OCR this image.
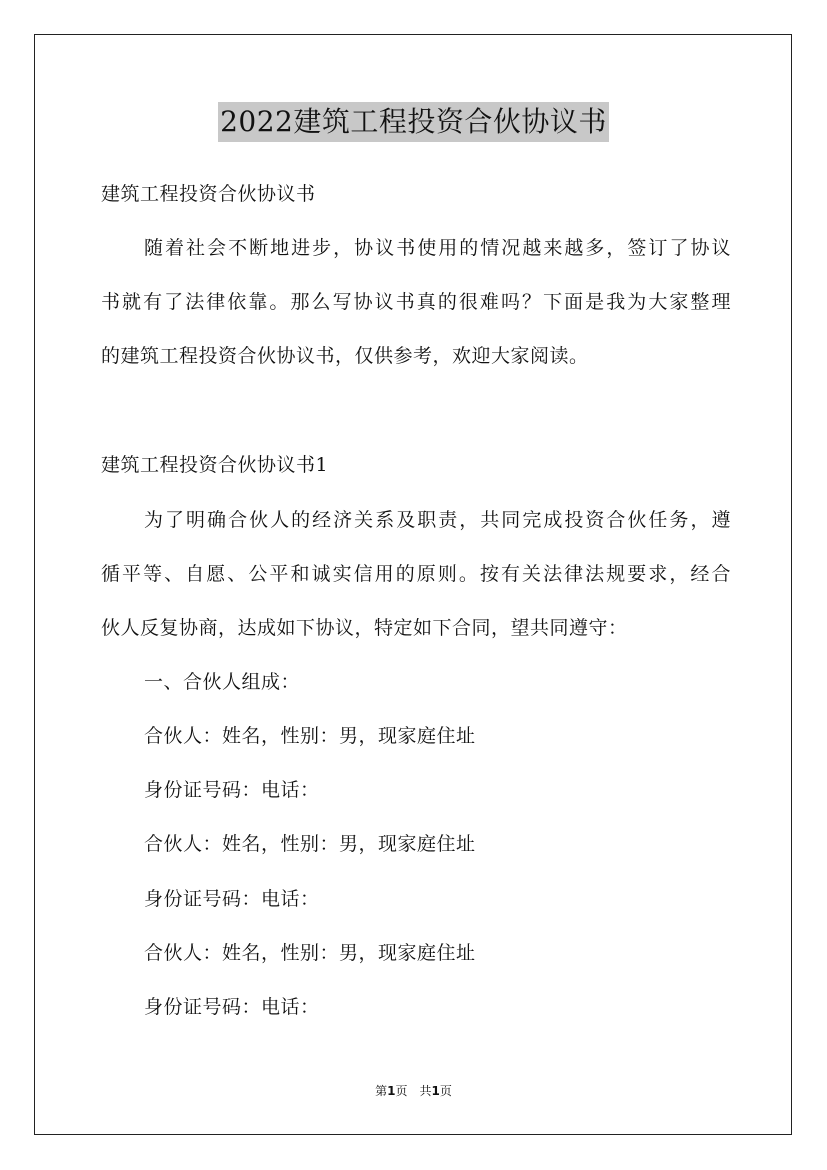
2022建筑工程投资合伙协议书
建筑工程投资合伙协议书
随着社会不断地进步，协议书使用的情况越来越多，签订了协议
书就有了法律依靠。那么写协议书真的很难吗？下面是我为大家整理
的建筑工程投资合伙协议书，仅供参考，欢迎大家阅读。
建筑工程投资合伙协议书1
为了明确合伙人的经济关系及职责，共同完成投资合伙任务，遵
循平等、自愿、公平和诚实信用的原则。按有关法律法规要求，经合
伙人反复协商，达成如下协议，特定如下合同，望共同遵守：
一、合伙人组成：
合伙人：姓名，性别：男，现家庭住址
身份证号码：电话：
合伙人：姓名，性别：男，现家庭住址
身份证号码：电话：
合伙人：姓名，性别：男，现家庭住址
身份证号码：电话：
第1页　共1页
